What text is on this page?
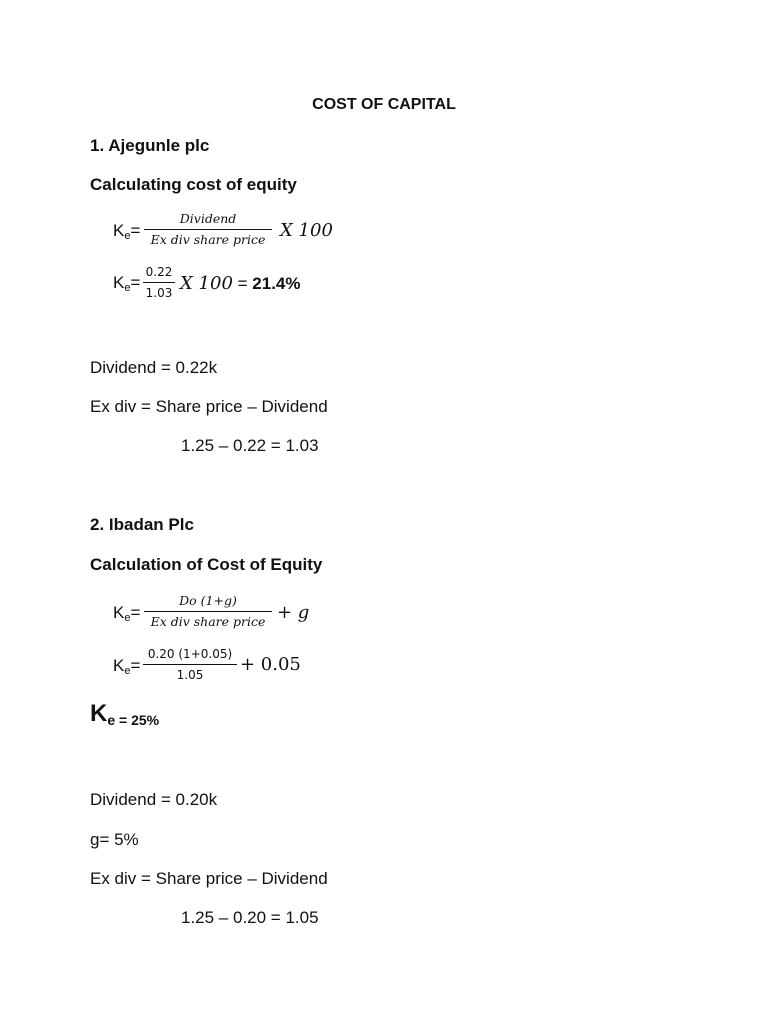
COST OF CAPITAL
1. Ajegunle plc
Calculating cost of equity
$K_e=$
Dividend
Ex div share price X 100
$K_e=$
0.22
1.03 X 100 = 21.4%
Dividend = 0.22k
Ex div = Share price – Dividend
1.25 – 0.22 = 1.03
2. Ibadan Plc
Calculation of Cost of Equity
$K_e=$
Do (1+g)
Ex div share price + g
$K_e=$
0.20 (1+0.05)
1.05	+ 0.05
$K_{e = 25\%}$
Dividend = 0.20k
g= 5%
Ex div = Share price – Dividend
1.25 – 0.20 = 1.05
